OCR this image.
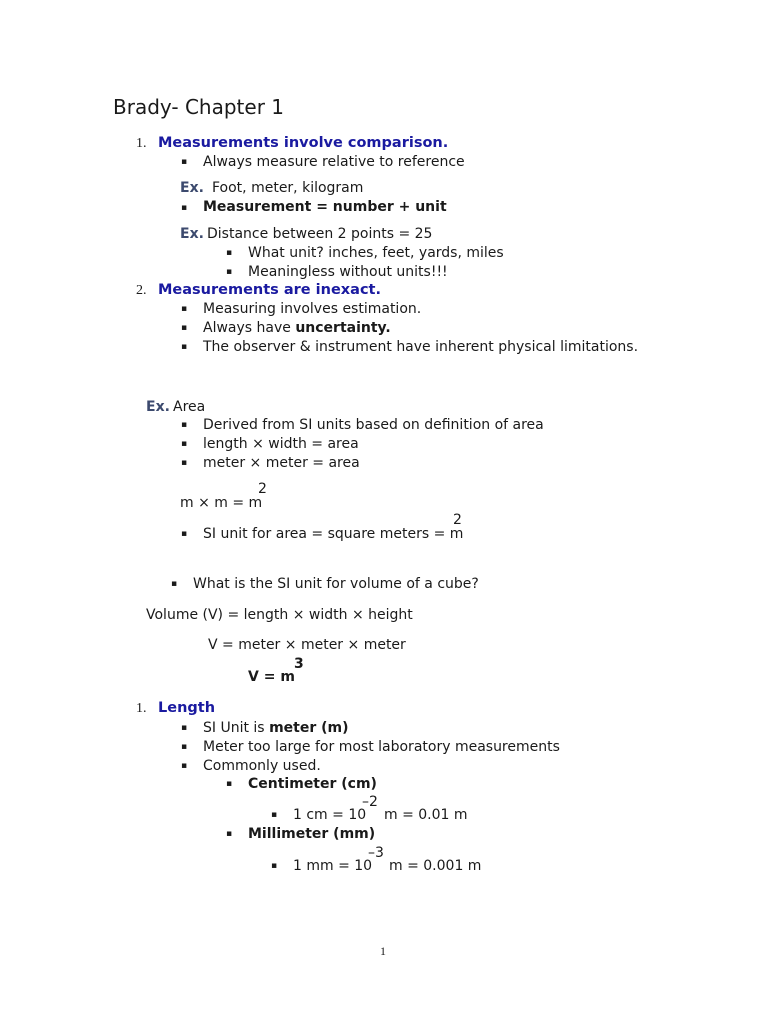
Brady- Chapter 1
1. Measurements involve comparison.
▪ Always measure relative to reference
Ex. Foot, meter, kilogram
▪ Measurement = number + unit
Ex. Distance between 2 points = 25
▪ What unit? inches, feet, yards, miles
▪ Meaningless without units!!!
2. Measurements are inexact.
▪ Measuring involves estimation.
▪ Always have uncertainty.
▪ The observer & instrument have inherent physical limitations.
Ex. Area
▪ Derived from SI units based on definition of area
▪ length × width = area
▪ meter × meter = area
m × m = m
2
▪ SI unit for area = square meters = m
2
▪ What is the SI unit for volume of a cube?
Volume (V) = length × width × height
V = meter × meter × meter
V = m
3
1. Length
▪ SI Unit is meter (m)
▪ Meter too large for most laboratory measurements
▪ Commonly used.
▪ Centimeter (cm)
▪ 1 cm = 10
–2
m = 0.01 m
▪ Millimeter (mm)
▪ 1 mm = 10
–3
m = 0.001 m
1
